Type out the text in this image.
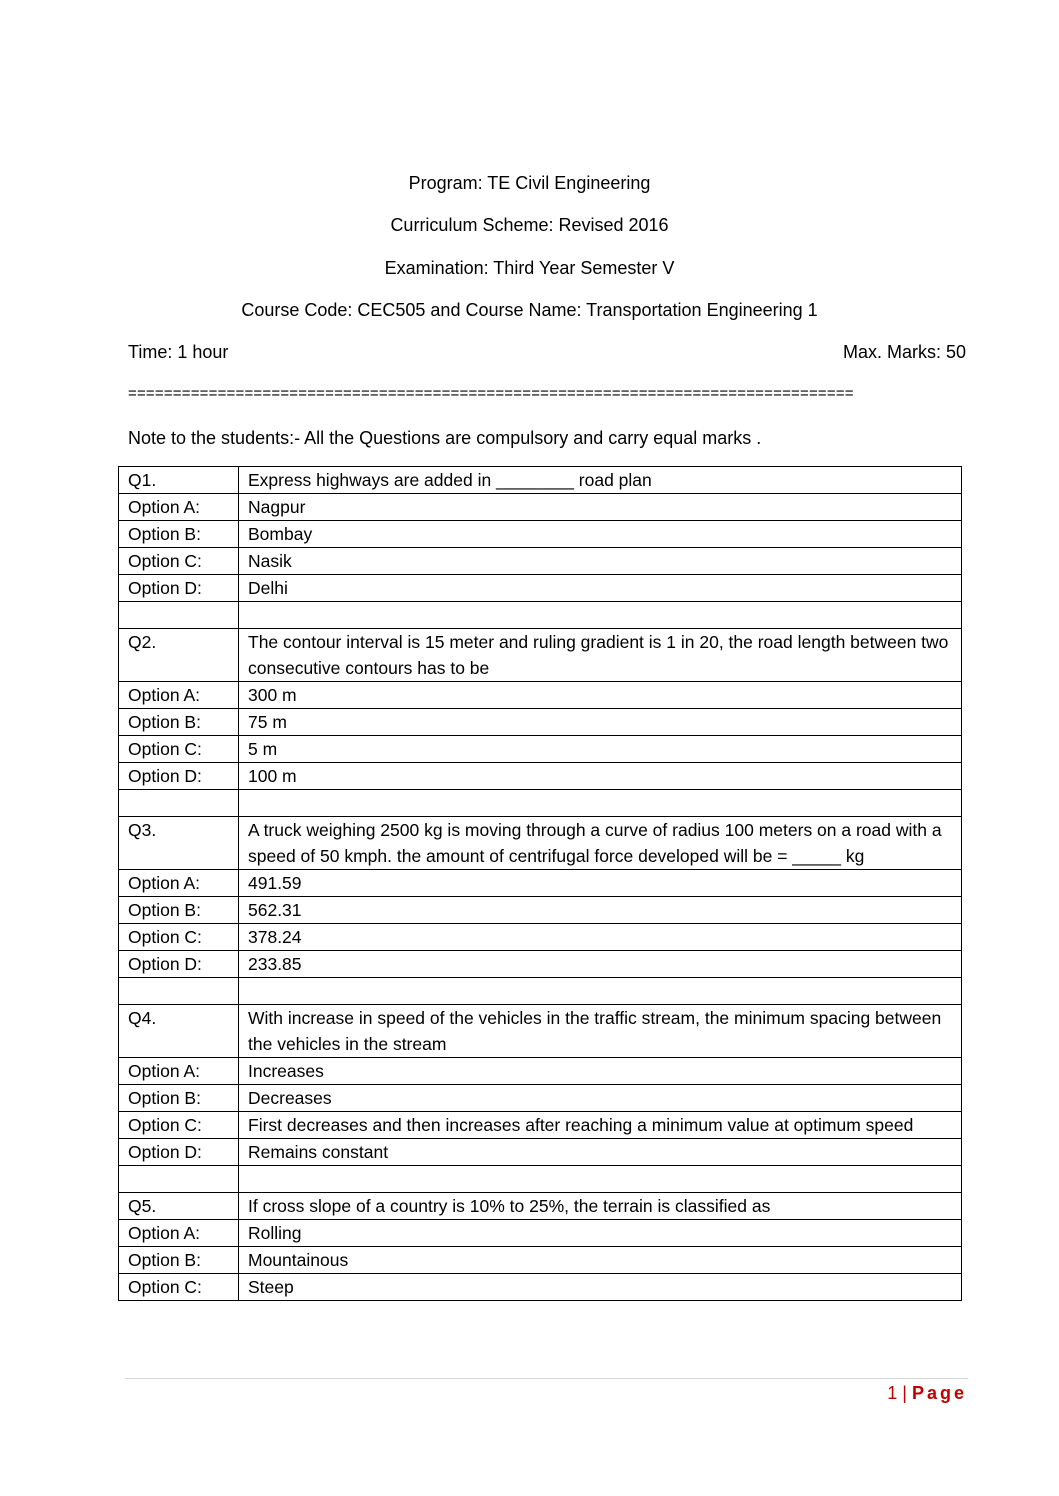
Program: TE Civil Engineering
Curriculum Scheme: Revised 2016
Examination: Third Year Semester V
Course Code: CEC505 and Course Name: Transportation Engineering 1
Time: 1 hour	Max. Marks: 50
=================================================================================
Note to the students:- All the Questions are compulsory and carry equal marks .
Q1.	Express highways are added in ________ road plan
Option A:	Nagpur
Option B:	Bombay
Option C:	Nasik
Option D:	Delhi

Q2.	The contour interval is 15 meter and ruling gradient is 1 in 20, the road length between two consecutive contours has to be
Option A:	300 m
Option B:	75 m
Option C:	5 m
Option D:	100 m

Q3.	A truck weighing 2500 kg is moving through a curve of radius 100 meters on a road with a speed of 50 kmph. the amount of centrifugal force developed will be = _____ kg
Option A:	491.59
Option B:	562.31
Option C:	378.24
Option D:	233.85

Q4.	With increase in speed of the vehicles in the traffic stream, the minimum spacing between the vehicles in the stream
Option A:	Increases
Option B:	Decreases
Option C:	First decreases and then increases after reaching a minimum value at optimum speed
Option D:	Remains constant

Q5.	If cross slope of a country is 10% to 25%, the terrain is classified as
Option A:	Rolling
Option B:	Mountainous
Option C:	Steep
1 | Page
